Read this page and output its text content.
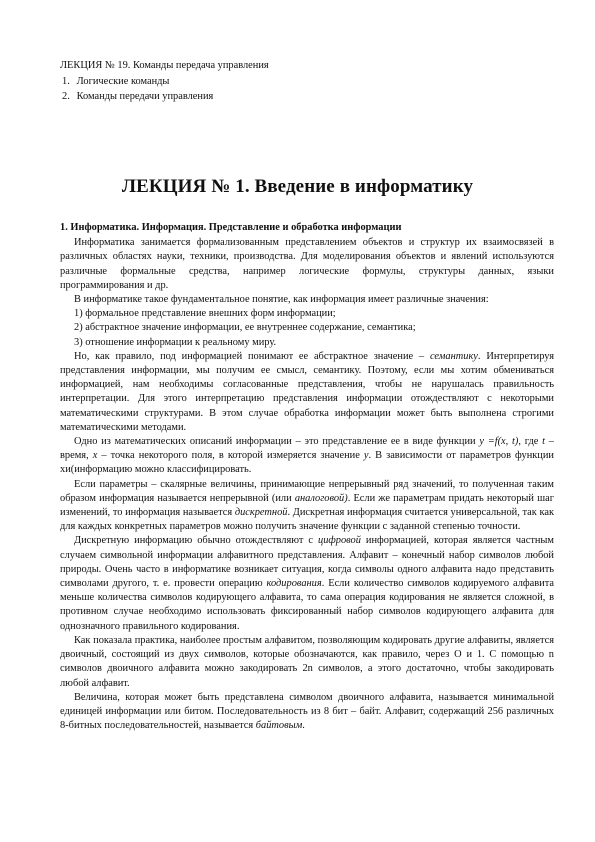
ЛЕКЦИЯ № 19. Команды передача управления
1. Логические команды
2. Команды передачи управления
ЛЕКЦИЯ № 1. Введение в информатику
1. Информатика. Информация. Представление и обработка информации

Информатика занимается формализованным представлением объектов и структур их взаимосвязей в различных областях науки, техники, производства. Для моделирования объектов и явлений используются различные формальные средства, например логические формулы, структуры данных, языки программирования и др.

В информатике такое фундаментальное понятие, как информация имеет различные значения:

1) формальное представление внешних форм информации;

2) абстрактное значение информации, ее внутреннее содержание, семантика;

3) отношение информации к реальному миру.

Но, как правило, под информацией понимают ее абстрактное значение – семантику. Интерпретируя представления информации, мы получим ее смысл, семантику. Поэтому, если мы хотим обмениваться информацией, нам необходимы согласованные представления, чтобы не нарушалась правильность интерпретации. Для этого интерпретацию представления информации отождествляют с некоторыми математическими структурами. В этом случае обработка информации может быть выполнена строгими математическими методами.

Одно из математических описаний информации – это представление ее в виде функции y =f(x, t), где t – время, x – точка некоторого поля, в которой измеряется значение y. В зависимости от параметров функции xи(информацию можно классифицировать.

Если параметры – скалярные величины, принимающие непрерывный ряд значений, то полученная таким образом информация называется непрерывной (или аналоговой). Если же параметрам придать некоторый шаг изменений, то информация называется дискретной. Дискретная информация считается универсальной, так как для каждых конкретных параметров можно получить значение функции с заданной степенью точности.

Дискретную информацию обычно отождествляют с цифровой информацией, которая является частным случаем символьной информации алфавитного представления. Алфавит – конечный набор символов любой природы. Очень часто в информатике возникает ситуация, когда символы одного алфавита надо представить символами другого, т. е. провести операцию кодирования. Если количество символов кодируемого алфавита меньше количества символов кодирующего алфавита, то сама операция кодирования не является сложной, в противном случае необходимо использовать фиксированный набор символов кодирующего алфавита для однозначного правильного кодирования.

Как показала практика, наиболее простым алфавитом, позволяющим кодировать другие алфавиты, является двоичный, состоящий из двух символов, которые обозначаются, как правило, через О и 1. С помощью n символов двоичного алфавита можно закодировать 2n символов, а этого достаточно, чтобы закодировать любой алфавит.

Величина, которая может быть представлена символом двоичного алфавита, называется минимальной единицей информации или битом. Последовательность из 8 бит – байт. Алфавит, содержащий 256 различных 8-битных последовательностей, называется байтовым.
